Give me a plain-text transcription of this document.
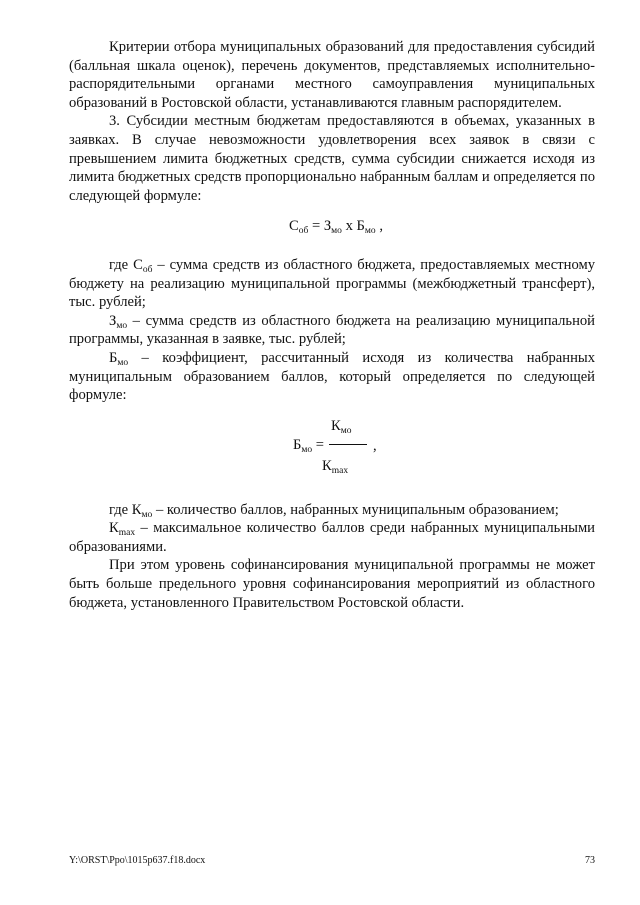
Критерии отбора муниципальных образований для предоставления субсидий (балльная шкала оценок), перечень документов, представляемых исполнительно-распорядительными органами местного самоуправления муниципальных образований в Ростовской области, устанавливаются главным распорядителем.

3. Субсидии местным бюджетам предоставляются в объемах, указанных в заявках. В случае невозможности удовлетворения всех заявок в связи с превышением лимита бюджетных средств, сумма субсидии снижается исходя из лимита бюджетных средств пропорционально набранным баллам и определяется по следующей формуле:

$С_{об} = З_{мо}$ х $Б_{мо}$ ,

где $С_{об}$ – сумма средств из областного бюджета, предоставляемых местному бюджету на реализацию муниципальной программы (межбюджетный трансферт), тыс. рублей;

$З_{мо}$ – сумма средств из областного бюджета на реализацию муниципальной программы, указанная в заявке, тыс. рублей;

$Б_{мо}$ – коэффициент, рассчитанный исходя из количества набранных муниципальным образованием баллов, который определяется по следующей формуле:

$К_{мо}$
$Б_{мо}$ =	,
$К_{max}$

где $К_{мо}$ – количество баллов, набранных муниципальным образованием;

$К_{max}$ – максимальное количество баллов среди набранных муниципальными образованиями.

При этом уровень софинансирования муниципальной программы не может быть больше предельного уровня софинансирования мероприятий из областного бюджета, установленного Правительством Ростовской области.

Y:\ORST\Ppo\1015p637.f18.docx	73
